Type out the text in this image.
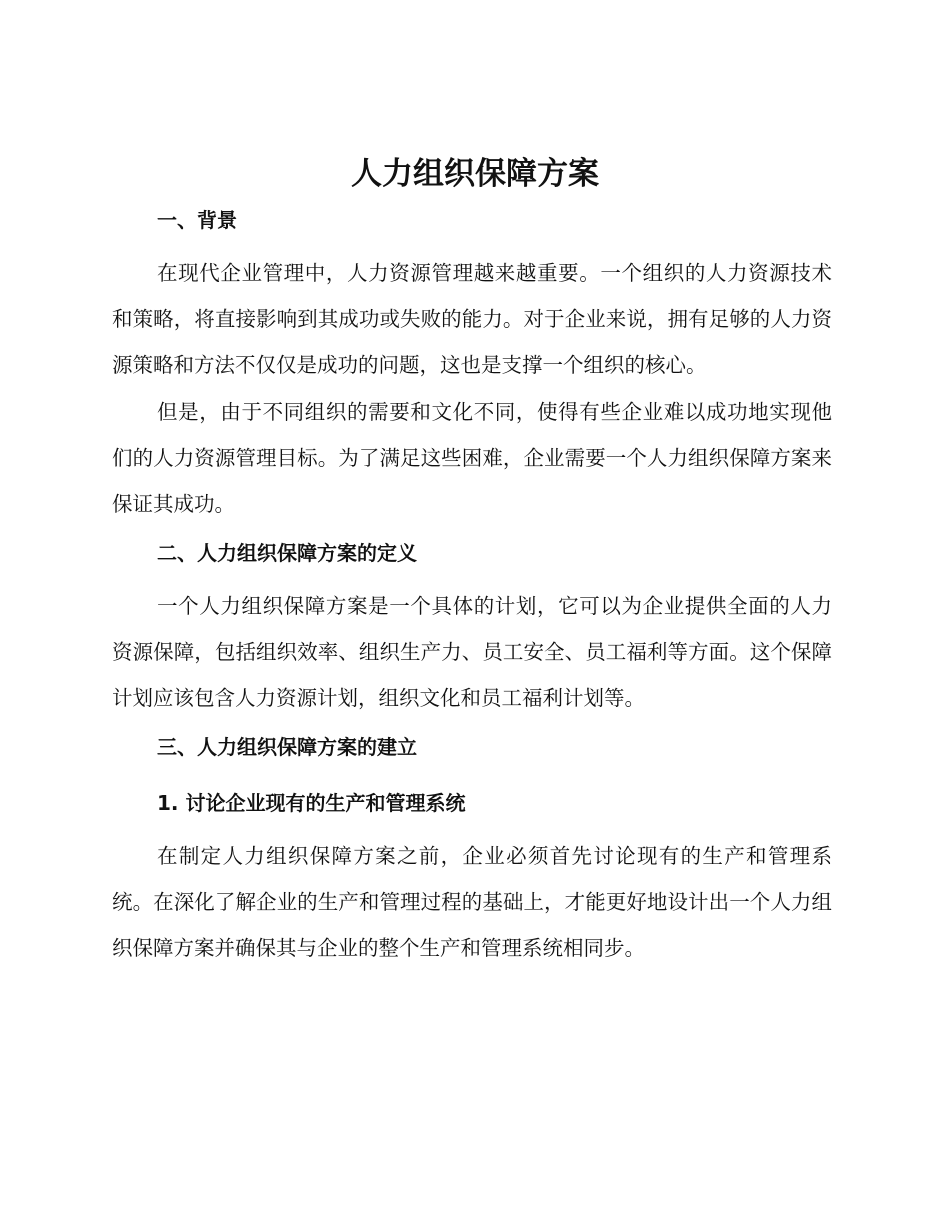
人力组织保障方案
一、背景

在现代企业管理中，人力资源管理越来越重要。一个组织的人力资源技术和策略，将直接影响到其成功或失败的能力。对于企业来说，拥有足够的人力资源策略和方法不仅仅是成功的问题，这也是支撑一个组织的核心。

但是，由于不同组织的需要和文化不同，使得有些企业难以成功地实现他们的人力资源管理目标。为了满足这些困难，企业需要一个人力组织保障方案来保证其成功。

二、人力组织保障方案的定义

一个人力组织保障方案是一个具体的计划，它可以为企业提供全面的人力资源保障，包括组织效率、组织生产力、员工安全、员工福利等方面。这个保障计划应该包含人力资源计划，组织文化和员工福利计划等。

三、人力组织保障方案的建立
1. 讨论企业现有的生产和管理系统

在制定人力组织保障方案之前，企业必须首先讨论现有的生产和管理系统。在深化了解企业的生产和管理过程的基础上，才能更好地设计出一个人力组织保障方案并确保其与企业的整个生产和管理系统相同步。
